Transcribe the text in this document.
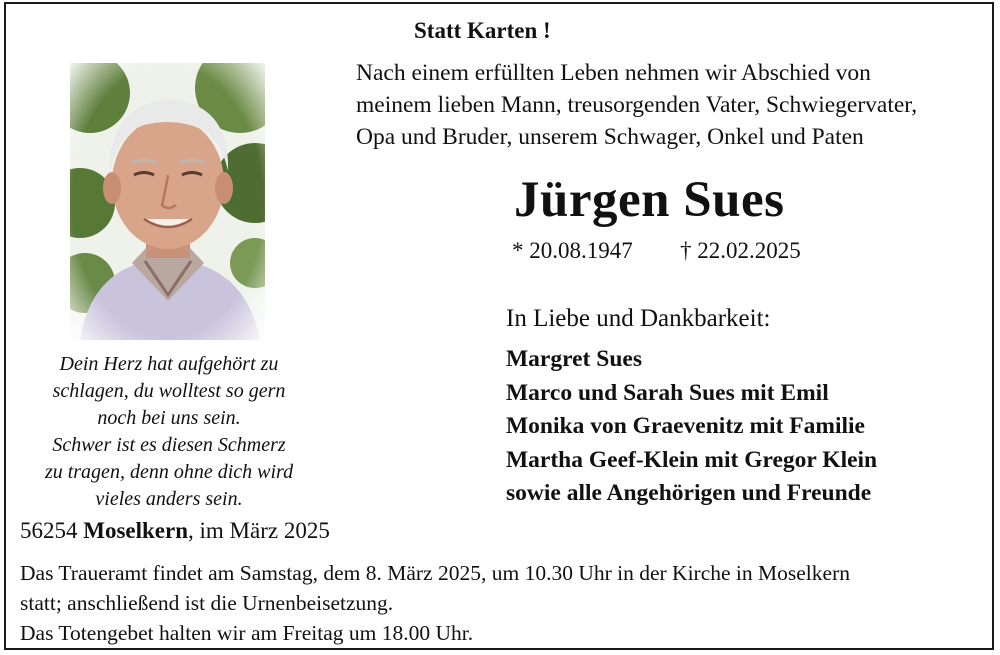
Statt Karten !
Nach einem erfüllten Leben nehmen wir Abschied von
meinem lieben Mann, treusorgenden Vater, Schwiegervater,
Opa und Bruder, unserem Schwager, Onkel und Paten
Jürgen Sues
* 20.08.1947 † 22.02.2025
In Liebe und Dankbarkeit:
Margret Sues
Marco und Sarah Sues mit Emil
Monika von Graevenitz mit Familie
Martha Geef-Klein mit Gregor Klein
sowie alle Angehörigen und Freunde
Dein Herz hat aufgehört zu
schlagen, du wolltest so gern
noch bei uns sein.
Schwer ist es diesen Schmerz
zu tragen, denn ohne dich wird
vieles anders sein.
56254 Moselkern, im März 2025
Das Traueramt findet am Samstag, dem 8. März 2025, um 10.30 Uhr in der Kirche in Moselkern
statt; anschließend ist die Urnenbeisetzung.
Das Totengebet halten wir am Freitag um 18.00 Uhr.
